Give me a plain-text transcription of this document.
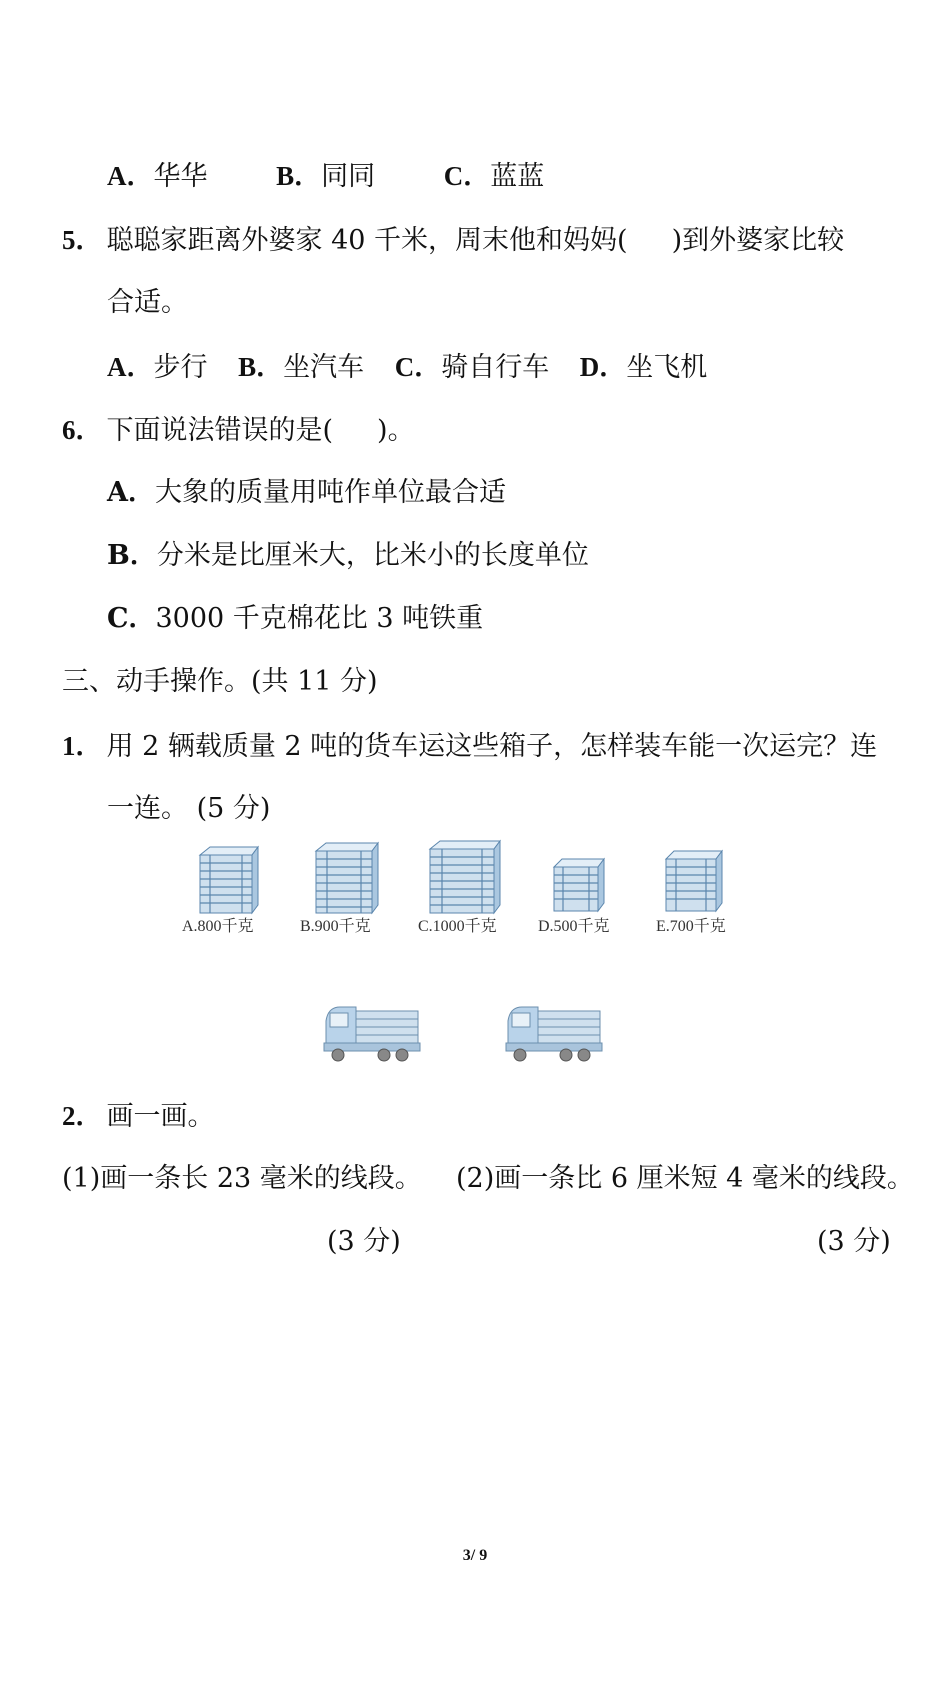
A．华华	B．同同	C．蓝蓝
5． 聪聪家距离外婆家 40 千米，周末他和妈妈( )到外婆家比较
合适。
A．步行 B．坐汽车 C．骑自行车 D．坐飞机
6． 下面说法错误的是( )。
A．大象的质量用吨作单位最合适
B．分米是比厘米大，比米小的长度单位
C．3000 千克棉花比 3 吨铁重
三、动手操作。(共 11 分)
1． 用 2 辆载质量 2 吨的货车运这些箱子，怎样装车能一次运完？连
一连。 (5 分)
A.800千克	B.900千克	C.1000千克	D.500千克	E.700千克
2． 画一画。
(1)画一条长 23 毫米的线段。 (2)画一条比 6 厘米短 4 毫米的线段。
(3 分)	(3 分)
3/ 9
